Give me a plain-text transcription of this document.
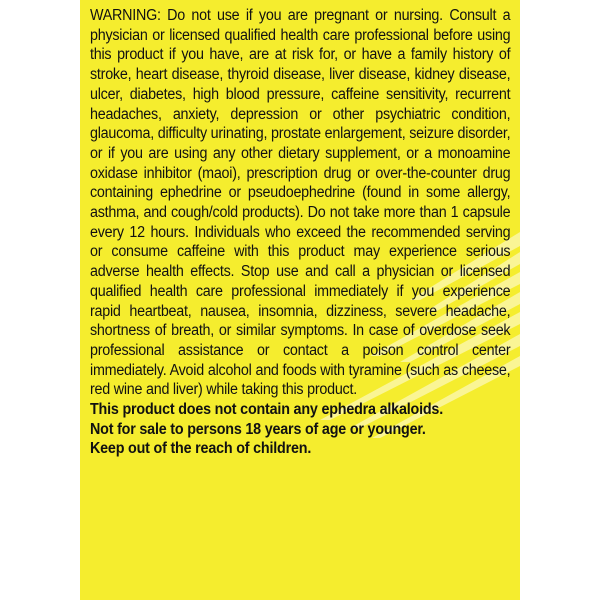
WARNING: Do not use if you are pregnant or nursing. Consult a physician or licensed qualified health care professional before using this product if you have, are at risk for, or have a family history of stroke, heart disease, thyroid disease, liver disease, kidney disease, ulcer, diabetes, high blood pressure, caffeine sensitivity, recurrent headaches, anxiety, depression or other psychiatric condition, glaucoma, difficulty urinating, prostate enlargement, seizure disorder, or if you are using any other dietary supplement, or a monoamine oxidase inhibitor (maoi), prescription drug or over-the-counter drug containing ephedrine or pseudoephedrine (found in some allergy, asthma, and cough/cold products). Do not take more than 1 capsule every 12 hours. Individuals who exceed the recommended serving or consume caffeine with this product may experience serious adverse health effects. Stop use and call a physician or licensed qualified health care professional immediately if you experience rapid heartbeat, nausea, insomnia, dizziness, severe headache, shortness of breath, or similar symptoms. In case of overdose seek professional assistance or contact a poison control center immediately. Avoid alcohol and foods with tyramine (such as cheese, red wine and liver) while taking this product.

This product does not contain any ephedra alkaloids.

Not for sale to persons 18 years of age or younger.

Keep out of the reach of children.
